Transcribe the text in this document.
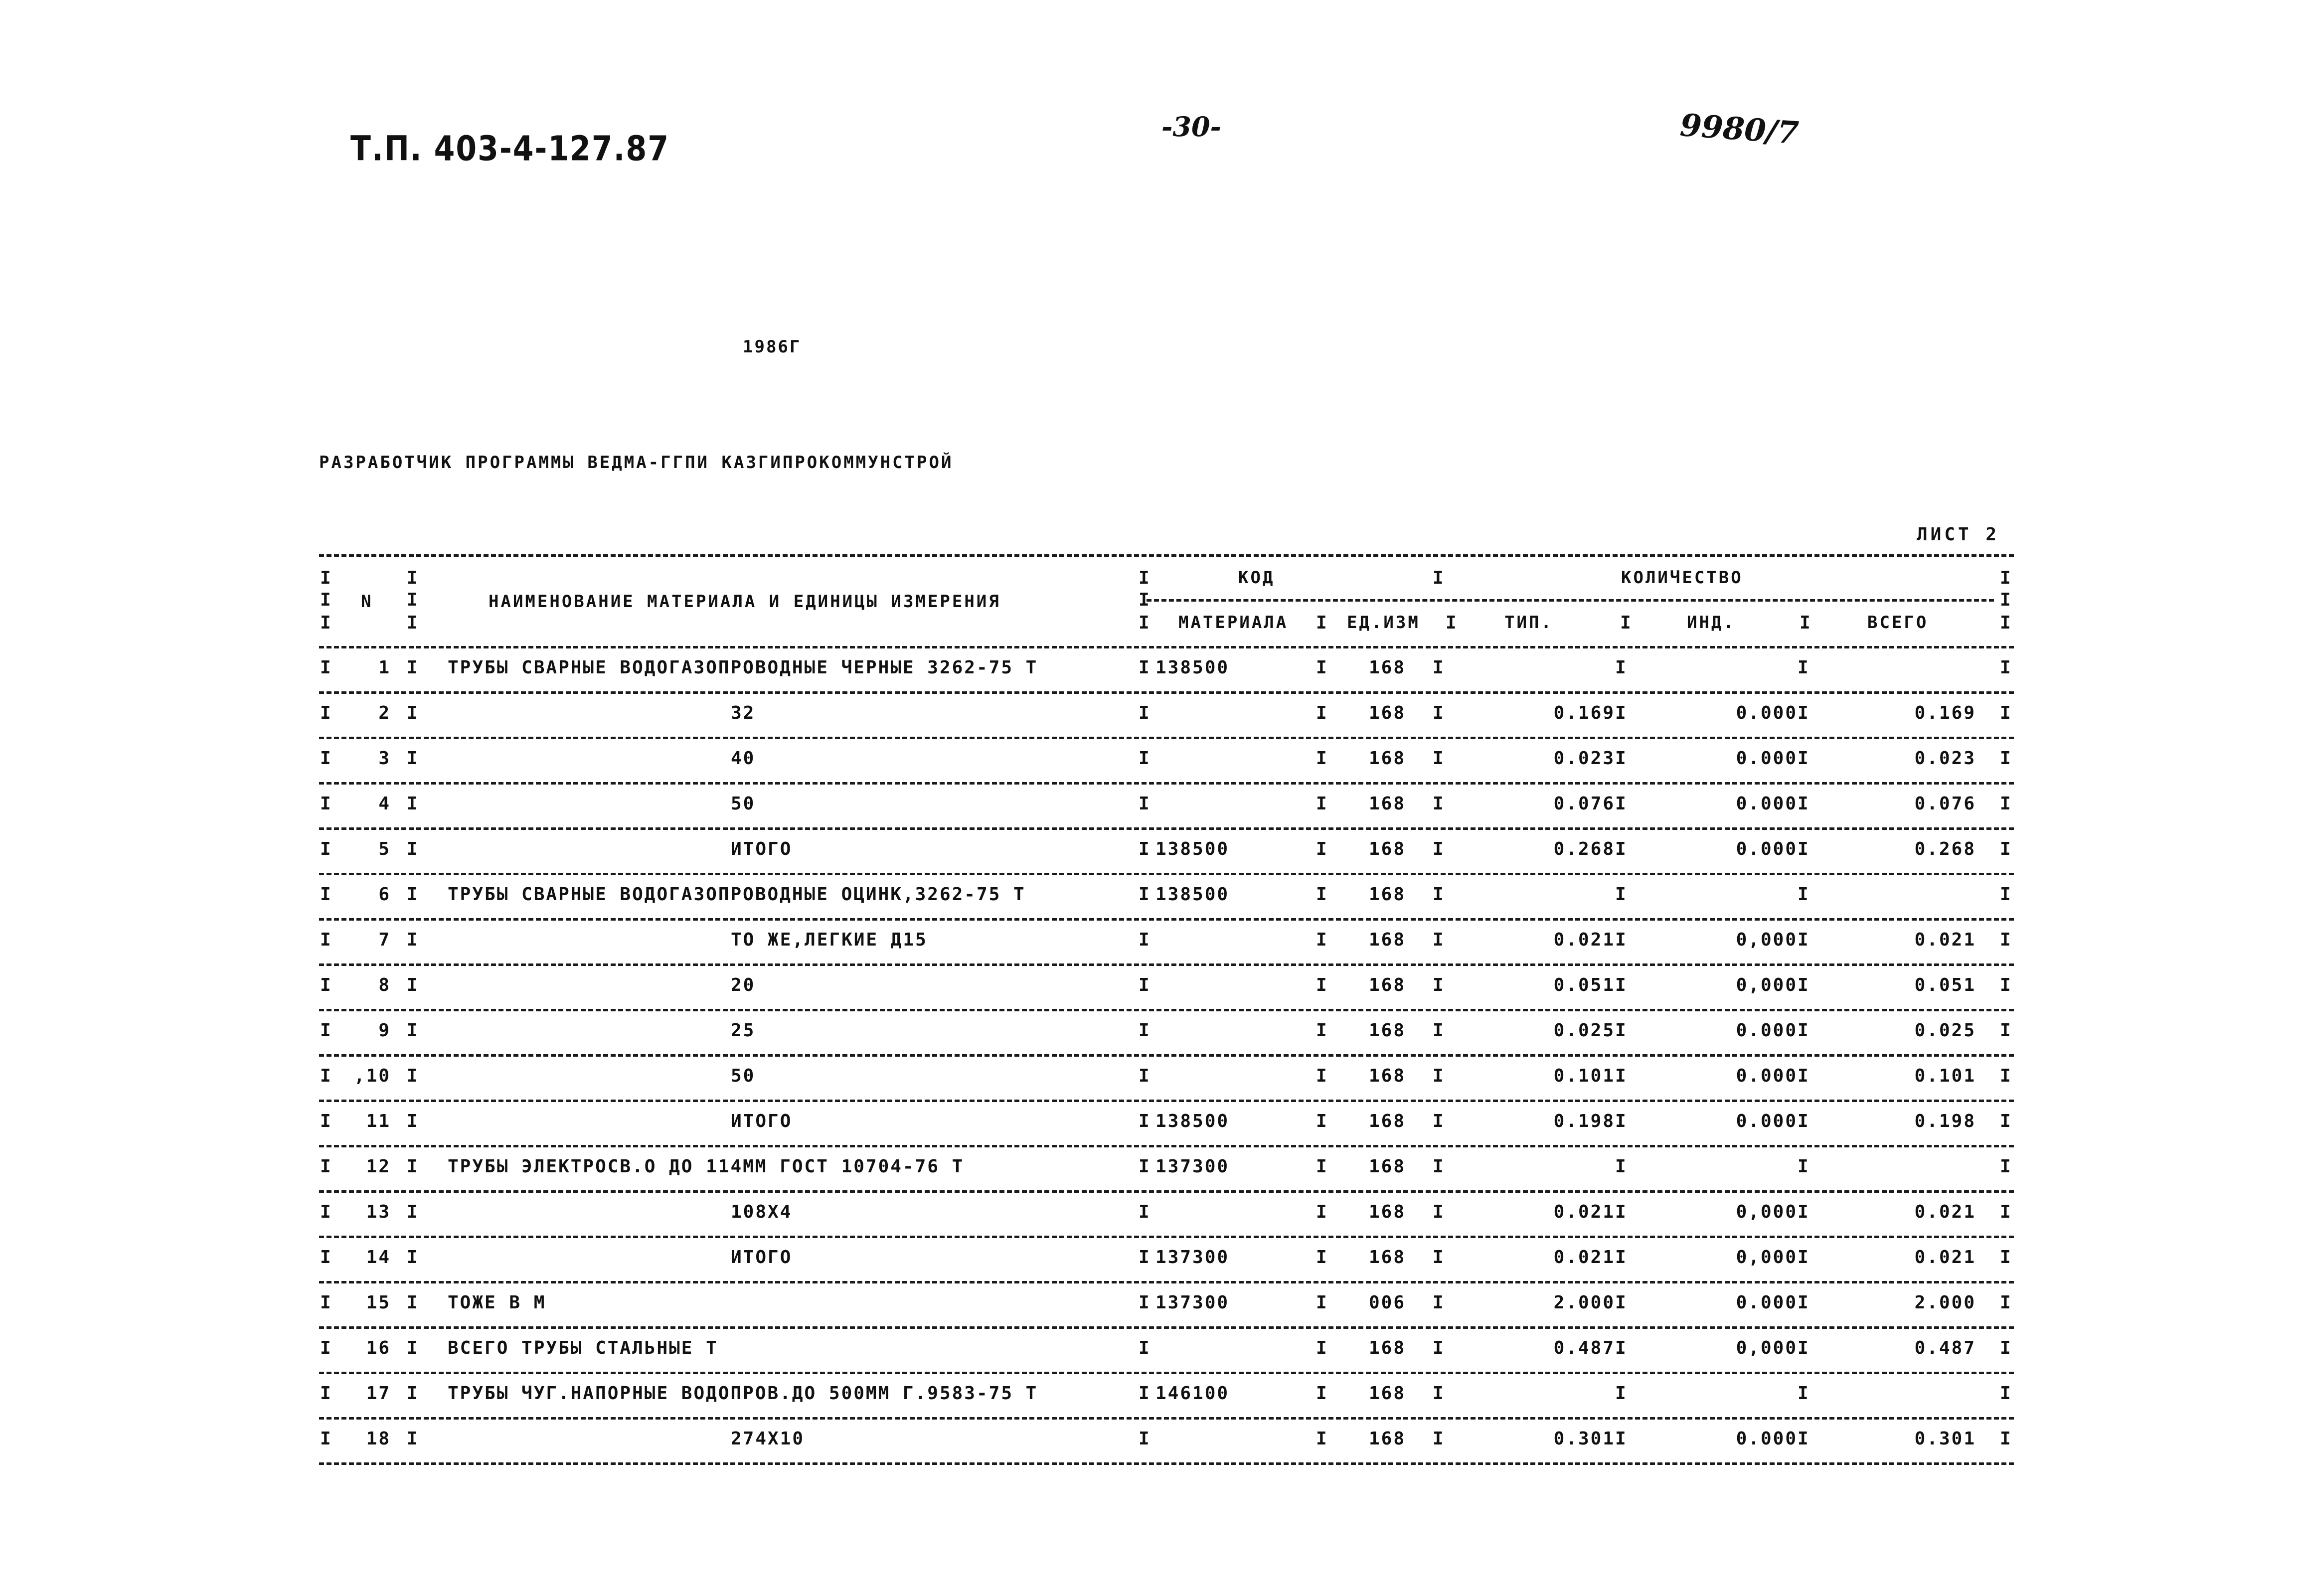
Т.П. 403-4-127.87
-30-	9980/7
1986Г
РАЗРАБОТЧИК ПРОГРАММЫ ВЕДМА-ГГПИ КАЗГИПРОКОММУНСТРОЙ
ЛИСТ 2
I
I
I
I
I
I
I
I
I
I	I
I
I
I	I	I	I
N	НАИМЕНОВАНИЕ МАТЕРИАЛА И ЕДИНИЦЫ ИЗМЕРЕНИЯ
КОД	КОЛИЧЕСТВО
МАТЕРИАЛА	ЕД.ИЗМ	ТИП.	ИНД.	ВСЕГО
I	1 I ТРУБЫ СВАРНЫЕ ВОДОГАЗОПРОВОДНЫЕ ЧЕРНЫЕ 3262-75 Т	I 138500	I 168 I	I	I	I
I	2 I	32	I	I 168 I	0.169 I	0.000 I	0.169 I
I	3 I	40	I	I 168 I	0.023 I	0.000 I	0.023 I
I	4 I	50	I	I 168 I	0.076 I	0.000 I	0.076 I
I	5 I	ИТОГО	I 138500	I 168 I	0.268 I	0.000 I	0.268 I
I	6 I ТРУБЫ СВАРНЫЕ ВОДОГАЗОПРОВОДНЫЕ ОЦИНК,3262-75 Т	I 138500	I 168 I	I	I	I
I	7 I	ТО ЖЕ,ЛЕГКИЕ Д15	I	I 168 I	0.021 I	0,000 I	0.021 I
I	8 I	20	I	I 168 I	0.051 I	0,000 I	0.051 I
I	9 I	25	I	I 168 I	0.025 I	0.000 I	0.025 I
I ,10 I	50	I	I 168 I	0.101 I	0.000 I	0.101 I
I 11 I	ИТОГО	I 138500	I 168 I	0.198 I	0.000 I	0.198 I
I 12 I ТРУБЫ ЭЛЕКТРОСВ.О ДО 114ММ ГОСТ 10704-76 Т	I 137300	I 168 I	I	I	I
I 13 I	108Х4	I	I 168 I	0.021 I	0,000 I	0.021 I
I 14 I	ИТОГО	I 137300	I 168 I	0.021 I	0,000 I	0.021 I
I 15 I ТОЖЕ В М	I 137300	I 006 I	2.000 I	0.000 I	2.000 I
I 16 I ВСЕГО ТРУБЫ СТАЛЬНЫЕ Т	I	I 168 I	0.487 I	0,000 I	0.487 I
I 17 I ТРУБЫ ЧУГ.НАПОРНЫЕ ВОДОПРОВ.ДО 500ММ Г.9583-75 Т	I 146100	I 168 I	I	I	I
I 18 I	274Х10	I	I 168 I	0.301 I	0.000 I	0.301 I
